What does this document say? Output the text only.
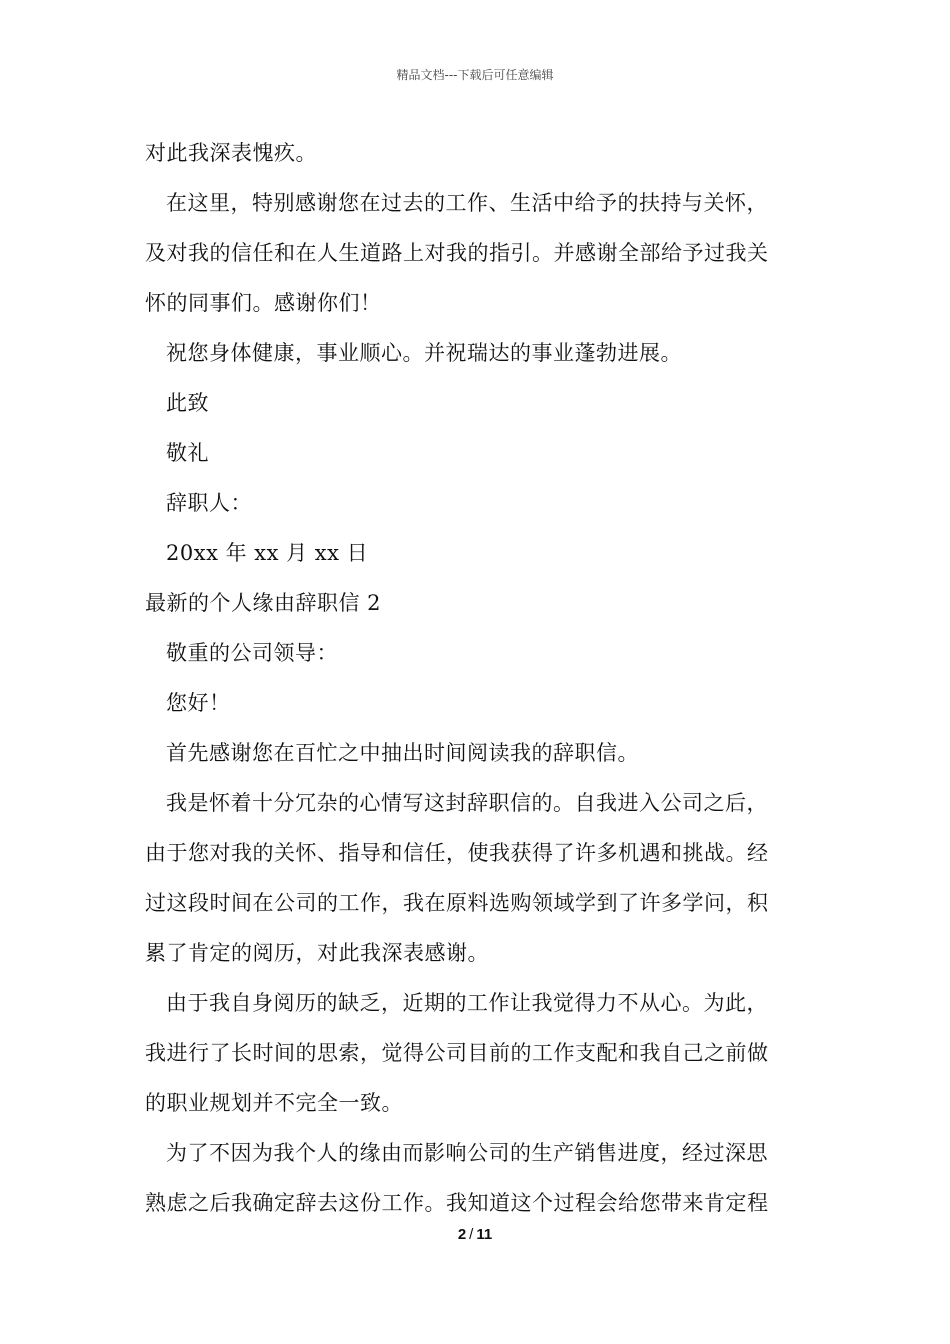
精品文档---下载后可任意编辑

对此我深表愧疚。

在这里，特别感谢您在过去的工作、生活中给予的扶持与关怀，

及对我的信任和在人生道路上对我的指引。并感谢全部给予过我关

怀的同事们。感谢你们！

祝您身体健康，事业顺心。并祝瑞达的事业蓬勃进展。

此致

敬礼

辞职人：

20xx 年 xx 月 xx 日

最新的个人缘由辞职信 2

敬重的公司领导：

您好！

首先感谢您在百忙之中抽出时间阅读我的辞职信。

我是怀着十分冗杂的心情写这封辞职信的。自我进入公司之后，

由于您对我的关怀、指导和信任，使我获得了许多机遇和挑战。经

过这段时间在公司的工作，我在原料选购领域学到了许多学问，积

累了肯定的阅历，对此我深表感谢。

由于我自身阅历的缺乏，近期的工作让我觉得力不从心。为此，

我进行了长时间的思索，觉得公司目前的工作支配和我自己之前做

的职业规划并不完全一致。

为了不因为我个人的缘由而影响公司的生产销售进度，经过深思

熟虑之后我确定辞去这份工作。我知道这个过程会给您带来肯定程

2 / 11
